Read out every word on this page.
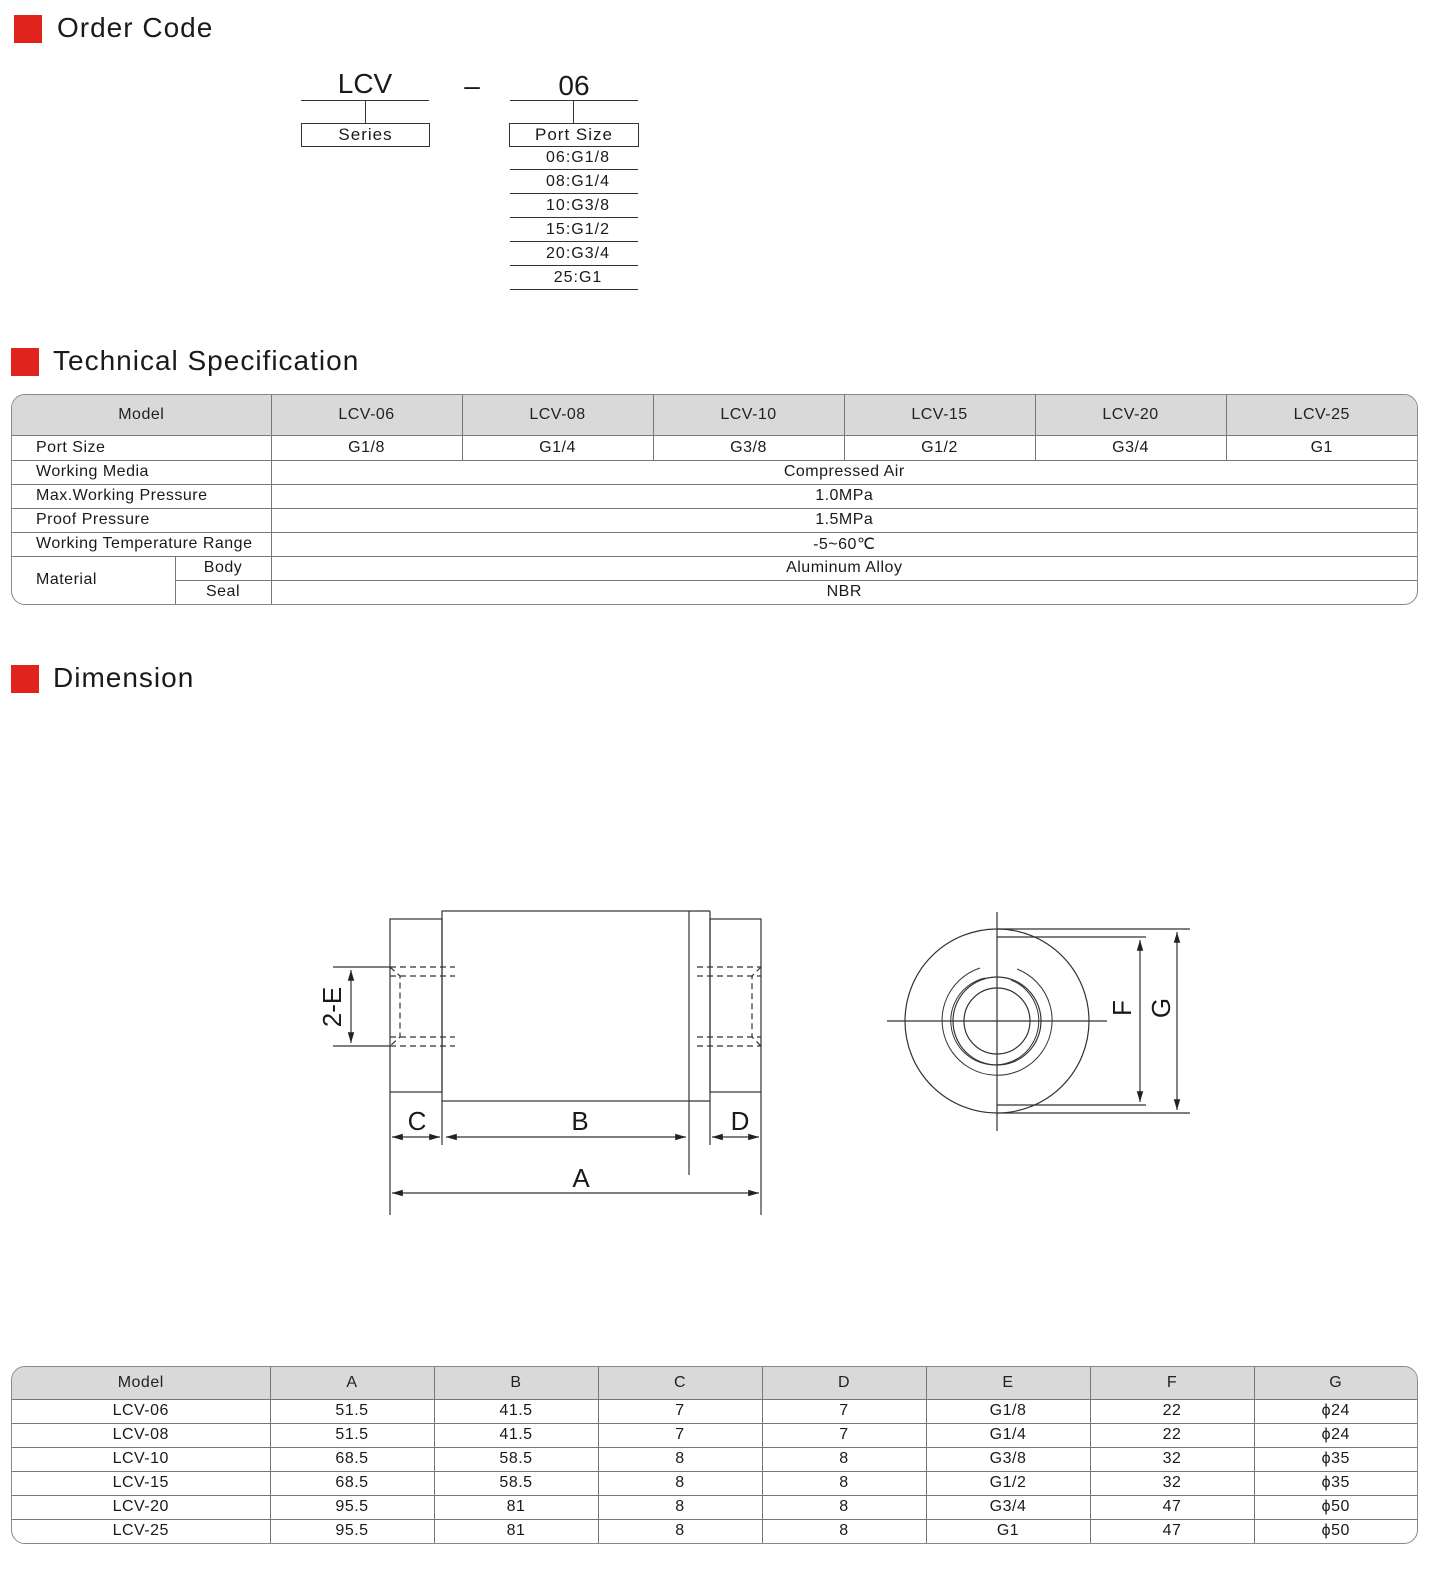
Order Code
LCV	–	06
Series	Port Size
06:G1/8
08:G1/4
10:G3/8
15:G1/2
20:G3/4
25:G1
Technical Specification
Model		LCV-06	LCV-08	LCV-10	LCV-15	LCV-20	LCV-25
Port Size		G1/8	G1/4	G3/8	G1/2	G3/4	G1
Working Media		Compressed Air					
Max.Working Pressure		1.0MPa					
Proof Pressure		1.5MPa					
Working Temperature Range		-5~60℃					
Material	Body	Aluminum Alloy					
	Seal	NBR					
Dimension
2-E
C	B	D
A
F G
Model	A	B	C	D	E	F	G
LCV-06	51.5	41.5	7	7	G1/8	22	ϕ24
LCV-08	51.5	41.5	7	7	G1/4	22	ϕ24
LCV-10	68.5	58.5	8	8	G3/8	32	ϕ35
LCV-15	68.5	58.5	8	8	G1/2	32	ϕ35
LCV-20	95.5	81	8	8	G3/4	47	ϕ50
LCV-25	95.5	81	8	8	G1	47	ϕ50
